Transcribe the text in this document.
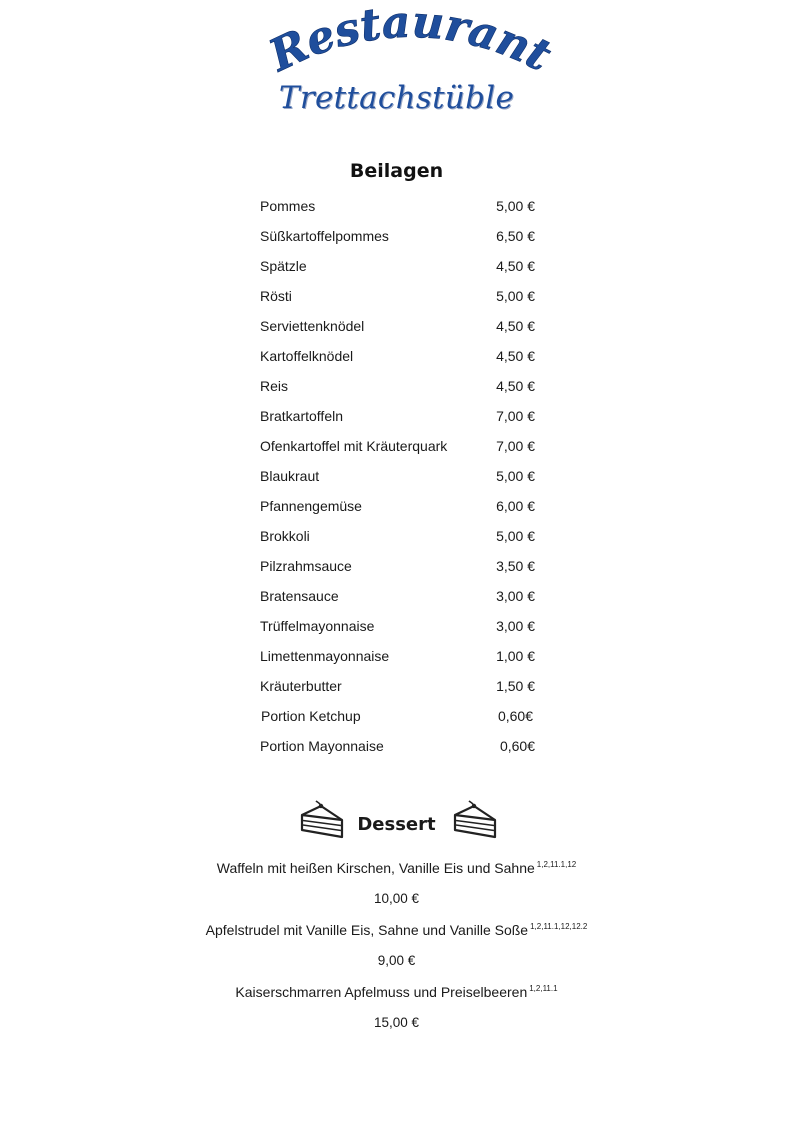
Restaurant
Trettachstüble
Beilagen
Pommes	5,00 €
Süßkartoffelpommes	6,50 €
Spätzle	4,50 €
Rösti	5,00 €
Serviettenknödel	4,50 €
Kartoffelknödel	4,50 €
Reis	4,50 €
Bratkartoffeln	7,00 €
Ofenkartoffel mit Kräuterquark	7,00 €
Blaukraut	5,00 €
Pfannengemüse	6,00 €
Brokkoli	5,00 €
Pilzrahmsauce	3,50 €
Bratensauce	3,00 €
Trüffelmayonnaise	3,00 €
Limettenmayonnaise	1,00 €
Kräuterbutter	1,50 €
Portion Ketchup	0,60€
Portion Mayonnaise	0,60€
Dessert
Waffeln mit heißen Kirschen, Vanille Eis und Sahne $^{1,2,11.1,12}$
10,00 €
Apfelstrudel mit Vanille Eis, Sahne und Vanille Soße $^{1,2,11.1,12,12.2}$
9,00 €
Kaiserschmarren Apfelmuss und Preiselbeeren $^{1,2,11.1}$
15,00 €
